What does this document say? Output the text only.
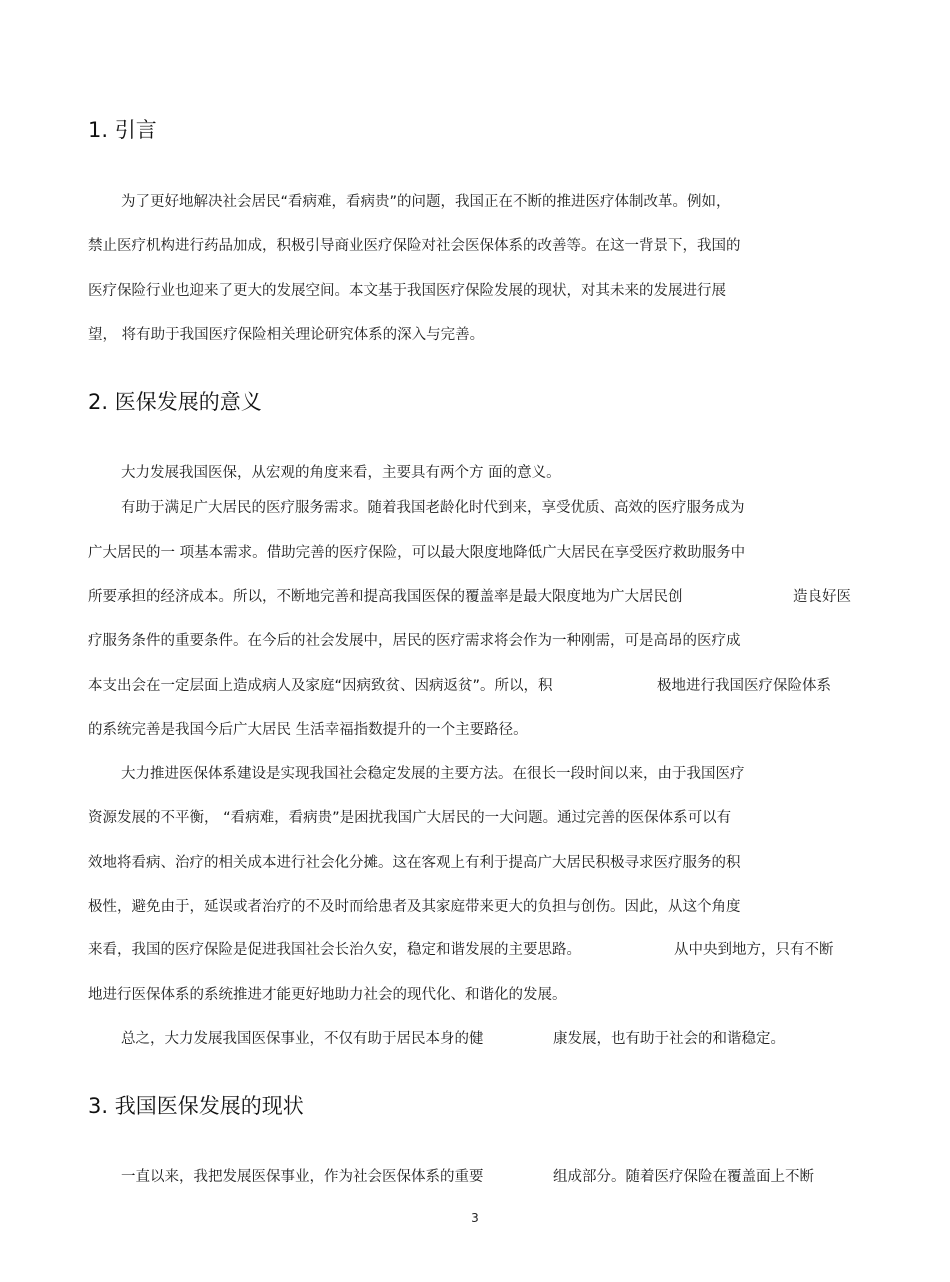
1. 引言
为了更好地解决社会居民“看病难，看病贵”的问题，我国正在不断的推进医疗体制改革。例如，
禁止医疗机构进行药品加成，积极引导商业医疗保险对社会医保体系的改善等。在这一背景下，我国的
医疗保险行业也迎来了更大的发展空间。本文基于我国医疗保险发展的现状，对其未来的发展进行展
望， 将有助于我国医疗保险相关理论研究体系的深入与完善。
2. 医保发展的意义
大力发展我国医保，从宏观的角度来看，主要具有两个方 面的意义。
有助于满足广大居民的医疗服务需求。随着我国老龄化时代到来，享受优质、高效的医疗服务成为
广大居民的一 项基本需求。借助完善的医疗保险，可以最大限度地降低广大居民在享受医疗救助服务中
所要承担的经济成本。所以，不断地完善和提高我国医保的覆盖率是最大限度地为广大居民创	造良好医
疗服务条件的重要条件。在今后的社会发展中，居民的医疗需求将会作为一种刚需，可是高昂的医疗成
本支出会在一定层面上造成病人及家庭“因病致贫、因病返贫”。所以，积	极地进行我国医疗保险体系
的系统完善是我国今后广大居民 生活幸福指数提升的一个主要路径。
大力推进医保体系建设是实现我国社会稳定发展的主要方法。在很长一段时间以来，由于我国医疗
资源发展的不平衡， “看病难，看病贵”是困扰我国广大居民的一大问题。通过完善的医保体系可以有
效地将看病、治疗的相关成本进行社会化分摊。这在客观上有利于提高广大居民积极寻求医疗服务的积
极性，避免由于，延误或者治疗的不及时而给患者及其家庭带来更大的负担与创伤。因此，从这个角度
来看，我国的医疗保险是促进我国社会长治久安，稳定和谐发展的主要思路。	从中央到地方，只有不断
地进行医保体系的系统推进才能更好地助力社会的现代化、和谐化的发展。
总之，大力发展我国医保事业，不仅有助于居民本身的健	康发展，也有助于社会的和谐稳定。
3. 我国医保发展的现状
一直以来，我把发展医保事业，作为社会医保体系的重要	组成部分。随着医疗保险在覆盖面上不断
3
